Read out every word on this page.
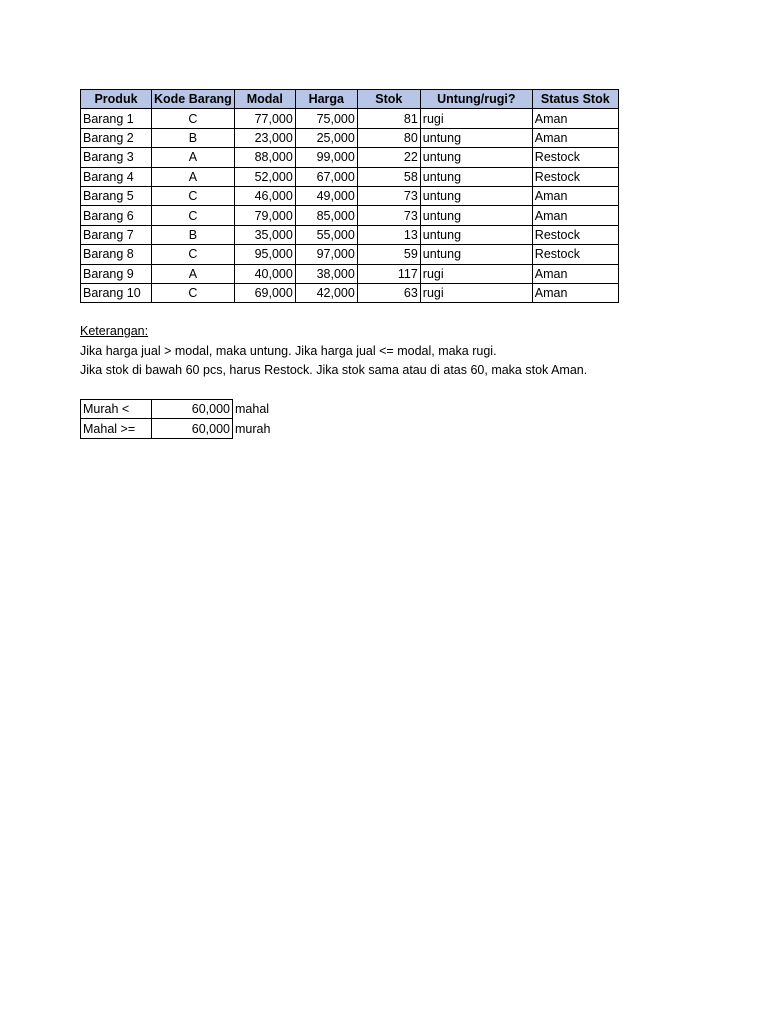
Produk	Kode Barang	Modal	Harga	Stok	Untung/rugi?	Status Stok
Barang 1	C	77,000	75,000	81	rugi	Aman
Barang 2	B	23,000	25,000	80	untung	Aman
Barang 3	A	88,000	99,000	22	untung	Restock
Barang 4	A	52,000	67,000	58	untung	Restock
Barang 5	C	46,000	49,000	73	untung	Aman
Barang 6	C	79,000	85,000	73	untung	Aman
Barang 7	B	35,000	55,000	13	untung	Restock
Barang 8	C	95,000	97,000	59	untung	Restock
Barang 9	A	40,000	38,000	117	rugi	Aman
Barang 10	C	69,000	42,000	63	rugi	Aman
Keterangan:
Jika harga jual > modal, maka untung. Jika harga jual <= modal, maka rugi.
Jika stok di bawah 60 pcs, harus Restock. Jika stok sama atau di atas 60, maka stok Aman.
Murah <	60,000	mahal
Mahal >=	60,000	murah
